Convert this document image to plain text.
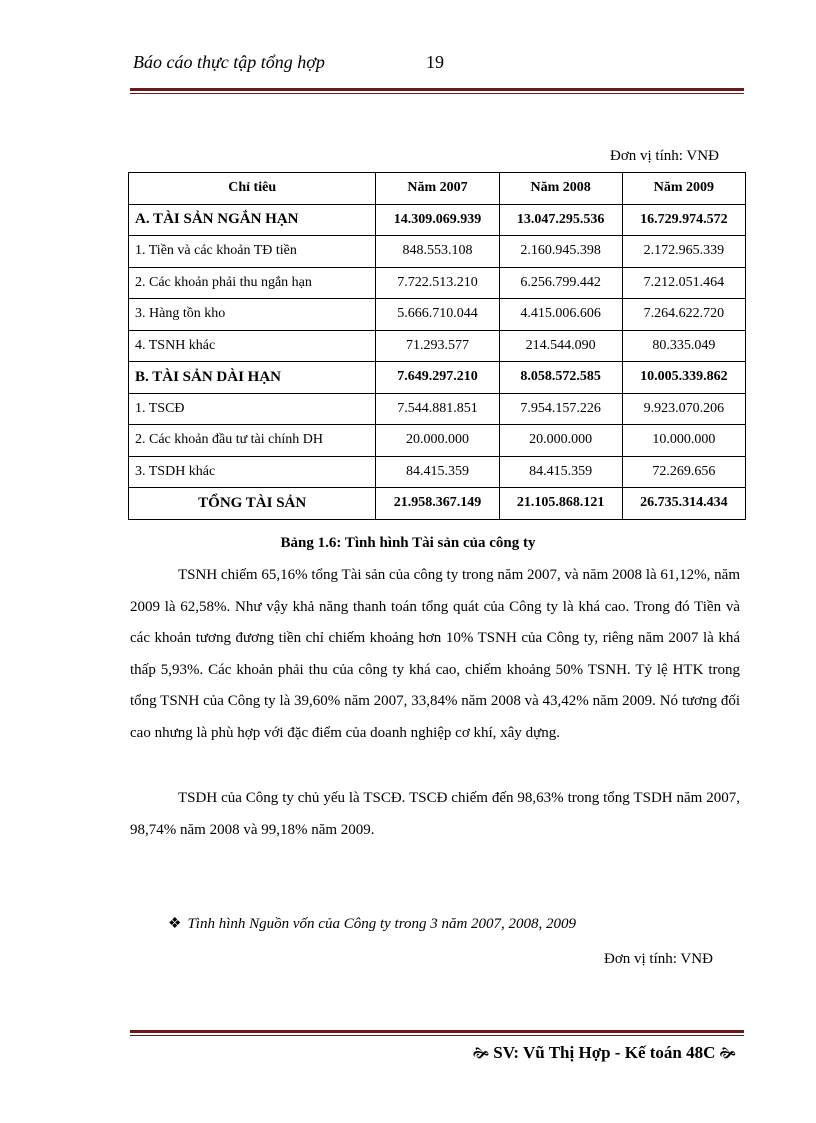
Báo cáo thực tập tổng hợp	19
Đơn vị tính: VNĐ
Chỉ tiêu	Năm 2007	Năm 2008	Năm 2009
A. TÀI SẢN NGẮN HẠN	14.309.069.939	13.047.295.536	16.729.974.572
1. Tiền và các khoản TĐ tiền	848.553.108	2.160.945.398	2.172.965.339
2. Các khoản phải thu ngắn hạn	7.722.513.210	6.256.799.442	7.212.051.464
3. Hàng tồn kho	5.666.710.044	4.415.006.606	7.264.622.720
4. TSNH khác	71.293.577	214.544.090	80.335.049
B. TÀI SẢN DÀI HẠN	7.649.297.210	8.058.572.585	10.005.339.862
1. TSCĐ	7.544.881.851	7.954.157.226	9.923.070.206
2. Các khoản đầu tư tài chính DH	20.000.000	20.000.000	10.000.000
3. TSDH khác	84.415.359	84.415.359	72.269.656
TỔNG TÀI SẢN	21.958.367.149	21.105.868.121	26.735.314.434
Bảng 1.6: Tình hình Tài sản của công ty

TSNH chiếm 65,16% tổng Tài sản của công ty trong năm 2007, và năm 2008 là 61,12%, năm 2009 là 62,58%. Như vậy khả năng thanh toán tổng quát của Công ty là khá cao. Trong đó Tiền và các khoản tương đương tiền chỉ chiếm khoảng hơn 10% TSNH của Công ty, riêng năm 2007 là khá thấp 5,93%. Các khoản phải thu của công ty khá cao, chiếm khoảng 50% TSNH. Tỷ lệ HTK trong tổng TSNH của Công ty là 39,60% năm 2007, 33,84% năm 2008 và 43,42% năm 2009. Nó tương đối cao nhưng là phù hợp với đặc điểm của doanh nghiệp cơ khí, xây dựng.

TSDH của Công ty chủ yếu là TSCĐ. TSCĐ chiếm đến 98,63% trong tổng TSDH năm 2007, 98,74% năm 2008 và 99,18% năm 2009.

❖ Tình hình Nguồn vốn của Công ty trong 3 năm 2007, 2008, 2009
Đơn vị tính: VNĐ
🙞 SV: Vũ Thị Hợp - Kế toán 48C 🙞
